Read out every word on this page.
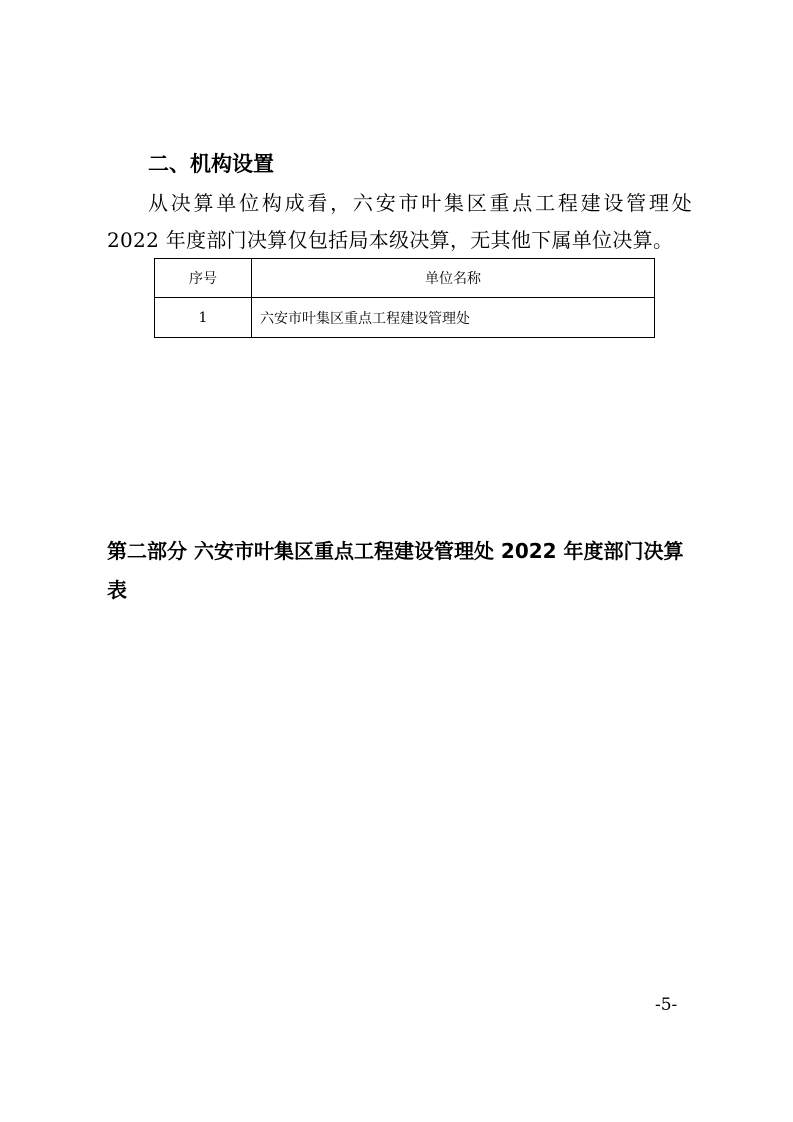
二、机构设置

从决算单位构成看，六安市叶集区重点工程建设管理处 2022 年度部门决算仅包括局本级决算，无其他下属单位决算。

序号	单位名称
1	六安市叶集区重点工程建设管理处
第二部分 六安市叶集区重点工程建设管理处 2022 年度部门决算表
-5-
